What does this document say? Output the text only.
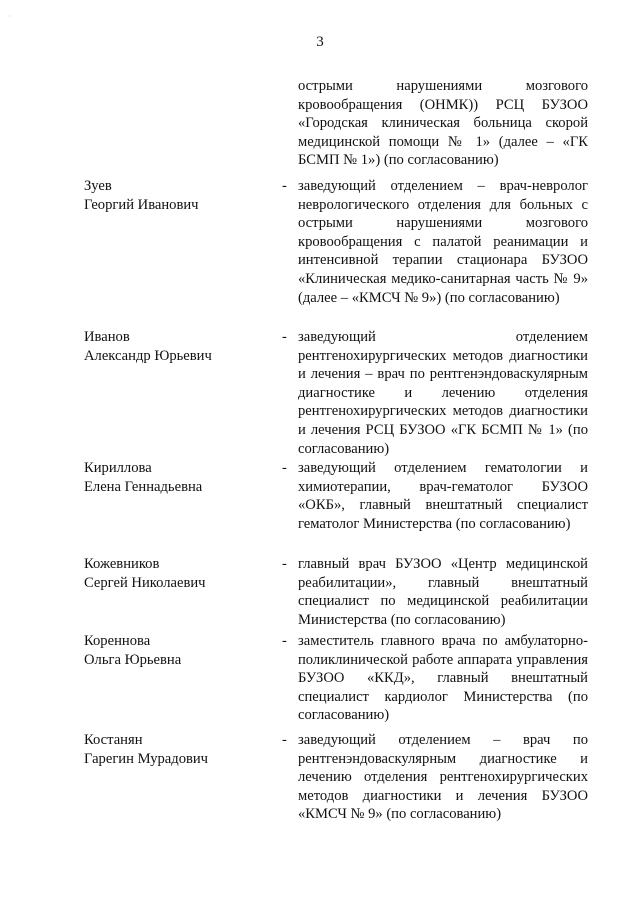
·
3
острыми нарушениями мозгового кровообращения (ОНМК)) РСЦ БУЗОО «Городская клиническая больница скорой медицинской помощи № 1» (далее – «ГК БСМП № 1») (по согласованию)
Зуев
Георгий Иванович
- заведующий отделением – врач-невролог неврологического отделения для больных с острыми нарушениями мозгового кровообращения с палатой реанимации и интенсивной терапии стационара БУЗОО «Клиническая медико-санитарная часть № 9» (далее – «КМСЧ № 9») (по согласованию)
Иванов
Александр Юрьевич
- заведующий отделением рентгенохирургических методов диагностики и лечения – врач по рентгенэндоваскулярным диагностике и лечению отделения рентгенохирургических методов диагностики и лечения РСЦ БУЗОО «ГК БСМП № 1» (по согласованию)
Кириллова
Елена Геннадьевна
- заведующий отделением гематологии и химиотерапии, врач-гематолог БУЗОО «ОКБ», главный внештатный специалист гематолог Министерства (по согласованию)
Кожевников
Сергей Николаевич
- главный врач БУЗОО «Центр медицинской реабилитации», главный внештатный специалист по медицинской реабилитации Министерства (по согласованию)
Кореннова
Ольга Юрьевна
- заместитель главного врача по амбулаторно-поликлинической работе аппарата управления БУЗОО «ККД», главный внештатный специалист кардиолог Министерства (по согласованию)
Костанян
Гарегин Мурадович
- заведующий отделением – врач по рентгенэндоваскулярным диагностике и лечению отделения рентгенохирургических методов диагностики и лечения БУЗОО «КМСЧ № 9» (по согласованию)
